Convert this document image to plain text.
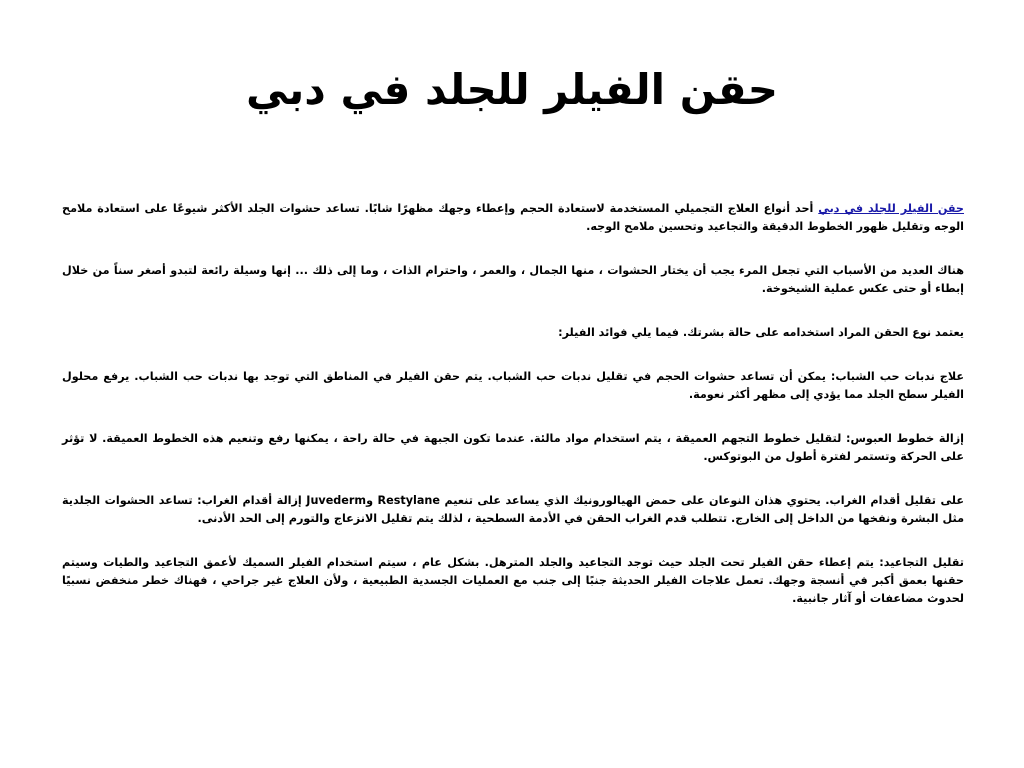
حقن الفيلر للجلد في دبي

حقن الفيلر للجلد في دبي أحد أنواع العلاج التجميلي المستخدمة لاستعادة الحجم وإعطاء وجهك مظهرًا شابًا. تساعد حشوات الجلد الأكثر شيوعًا على استعادة ملامح الوجه وتقليل ظهور الخطوط الدقيقة والتجاعيد وتحسين ملامح الوجه.

هناك العديد من الأسباب التي تجعل المرء يجب أن يختار الحشوات ، منها الجمال ، والعمر ، واحترام الذات ، وما إلى ذلك ... إنها وسيلة رائعة لتبدو أصغر سناً من خلال إبطاء أو حتى عكس عملية الشيخوخة.

يعتمد نوع الحقن المراد استخدامه على حالة بشرتك. فيما يلي فوائد الفيلر:

علاج ندبات حب الشباب: يمكن أن تساعد حشوات الحجم في تقليل ندبات حب الشباب. يتم حقن الفيلر في المناطق التي توجد بها ندبات حب الشباب. يرفع محلول الفيلر سطح الجلد مما يؤدي إلى مظهر أكثر نعومة.

إزالة خطوط العبوس: لتقليل خطوط التجهم العميقة ، يتم استخدام مواد مالئة. عندما تكون الجبهة في حالة راحة ، يمكنها رفع وتنعيم هذه الخطوط العميقة. لا تؤثر على الحركة وتستمر لفترة أطول من البوتوكس.

على تقليل أقدام الغراب. يحتوي هذان النوعان على حمض الهيالورونيك الذي يساعد على تنعيم Restylane وJuvederm إزالة أقدام الغراب: تساعد الحشوات الجلدية مثل البشرة ونفخها من الداخل إلى الخارج. تتطلب قدم الغراب الحقن في الأدمة السطحية ، لذلك يتم تقليل الانزعاج والتورم إلى الحد الأدنى.

تقليل التجاعيد: يتم إعطاء حقن الفيلر تحت الجلد حيث توجد التجاعيد والجلد المترهل. بشكل عام ، سيتم استخدام الفيلر السميك لأعمق التجاعيد والطيات وسيتم حقنها بعمق أكبر في أنسجة وجهك. تعمل علاجات الفيلر الحديثة جنبًا إلى جنب مع العمليات الجسدية الطبيعية ، ولأن العلاج غير جراحي ، فهناك خطر منخفض نسبيًا لحدوث مضاعفات أو آثار جانبية.
